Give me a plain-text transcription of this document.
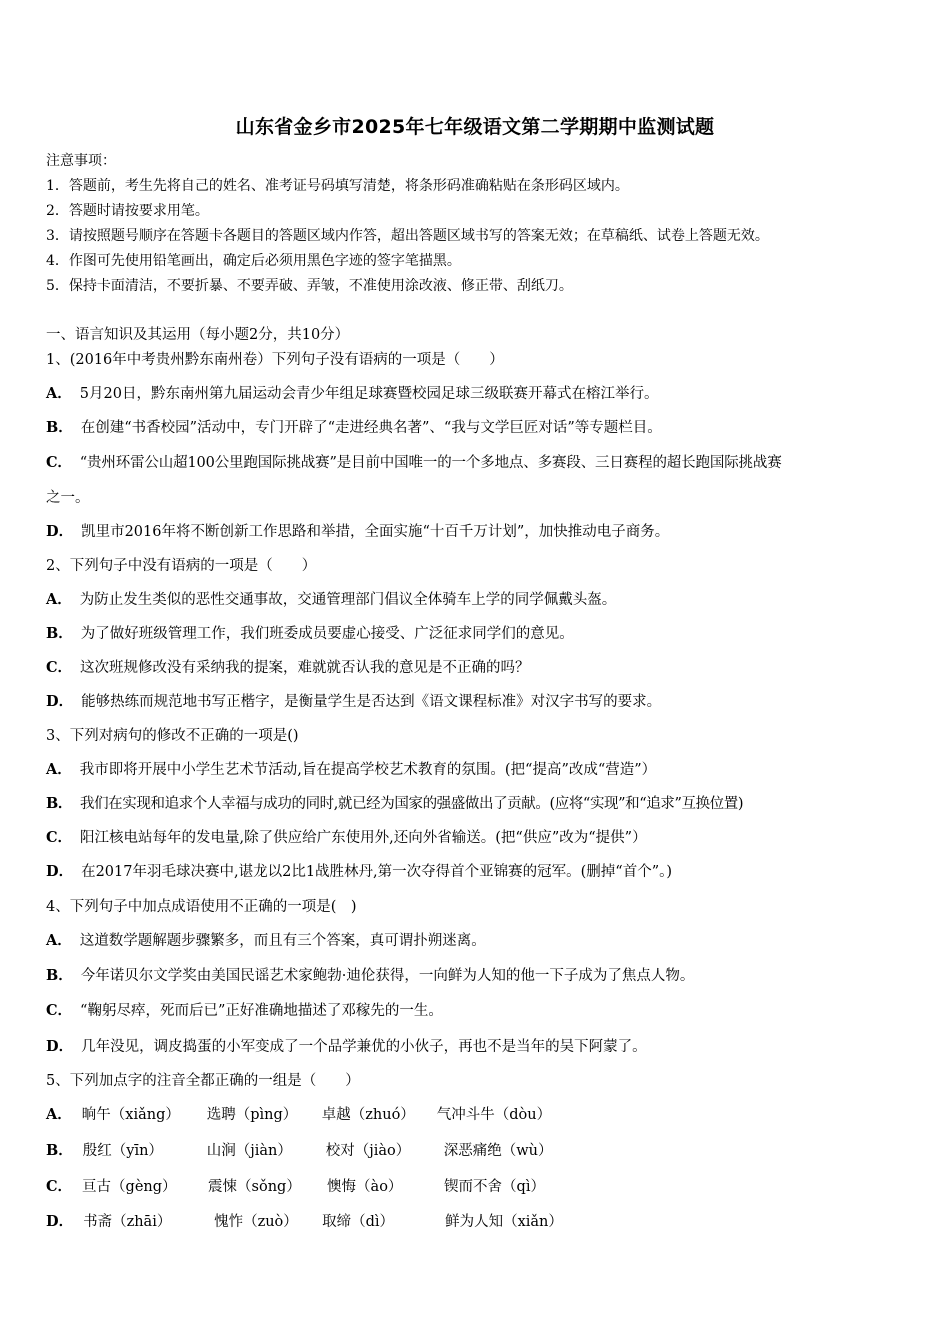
山东省金乡市2025年七年级语文第二学期期中监测试题
注意事项：
1．答题前，考生先将自己的姓名、准考证号码填写清楚，将条形码准确粘贴在条形码区域内。
2．答题时请按要求用笔。
3．请按照题号顺序在答题卡各题目的答题区域内作答，超出答题区域书写的答案无效；在草稿纸、试卷上答题无效。
4．作图可先使用铅笔画出，确定后必须用黑色字迹的签字笔描黑。
5．保持卡面清洁，不要折暴、不要弄破、弄皱，不准使用涂改液、修正带、刮纸刀。
一、语言知识及其运用（每小题2分，共10分）
1、(2016年中考贵州黔东南州卷）下列句子没有语病的一项是（　　）
A． 5月20日，黔东南州第九届运动会青少年组足球赛暨校园足球三级联赛开幕式在榕江举行。
B． 在创建“书香校园”活动中，专门开辟了“走进经典名著”、“我与文学巨匠对话”等专题栏目。
C． “贵州环雷公山超100公里跑国际挑战赛”是目前中国唯一的一个多地点、多赛段、三日赛程的超长跑国际挑战赛
之一。
D． 凯里市2016年将不断创新工作思路和举措，全面实施“十百千万计划”，加快推动电子商务。
2、下列句子中没有语病的一项是（　　）
A． 为防止发生类似的恶性交通事故，交通管理部门倡议全体骑车上学的同学佩戴头盔。
B． 为了做好班级管理工作，我们班委成员要虚心接受、广泛征求同学们的意见。
C． 这次班规修改没有采纳我的提案，难就就否认我的意见是不正确的吗？
D． 能够热练而规范地书写正楷字，是衡量学生是否达到《语文课程标准》对汉字书写的要求。
3、下列对病句的修改不正确的一项是()
A． 我市即将开展中小学生艺术节活动,旨在提高学校艺术教育的氛围。(把“提高”改成“营造”）
B． 我们在实现和追求个人幸福与成功的同时,就已经为国家的强盛做出了贡献。(应将“实现”和“追求”互换位置)
C． 阳江核电站每年的发电量,除了供应给广东使用外,还向外省输送。(把“供应”改为“提供”）
D． 在2017年羽毛球决赛中,谌龙以2比1战胜林丹,第一次夺得首个亚锦赛的冠军。(删掉“首个”。)
4、下列句子中加点成语使用不正确的一项是(　)
A． 这道数学题解题步骤繁多，而且有三个答案，真可谓扑朔迷离。
B． 今年诺贝尔文学奖由美国民谣艺术家鲍勃·迪伦获得，一向鲜为人知的他一下子成为了焦点人物。
C． “鞠躬尽瘁，死而后已”正好准确地描述了邓稼先的一生。
D． 几年没见，调皮捣蛋的小军变成了一个品学兼优的小伙子，再也不是当年的吴下阿蒙了。
5、下列加点字的注音全都正确的一组是（　　）
A． 晌午（xiǎng）	选聘（pìng）	卓越（zhuó）	气冲斗牛（dòu）
B． 殷红（yīn）	山涧（jiàn）	校对（jiào）	深恶痛绝（wù）
C． 亘古（gèng）	震悚（sǒng）	懊悔（ào）	锲而不舍（qì）
D． 书斋（zhāi）	愧怍（zuò）	取缔（dì）	鲜为人知（xiǎn）
